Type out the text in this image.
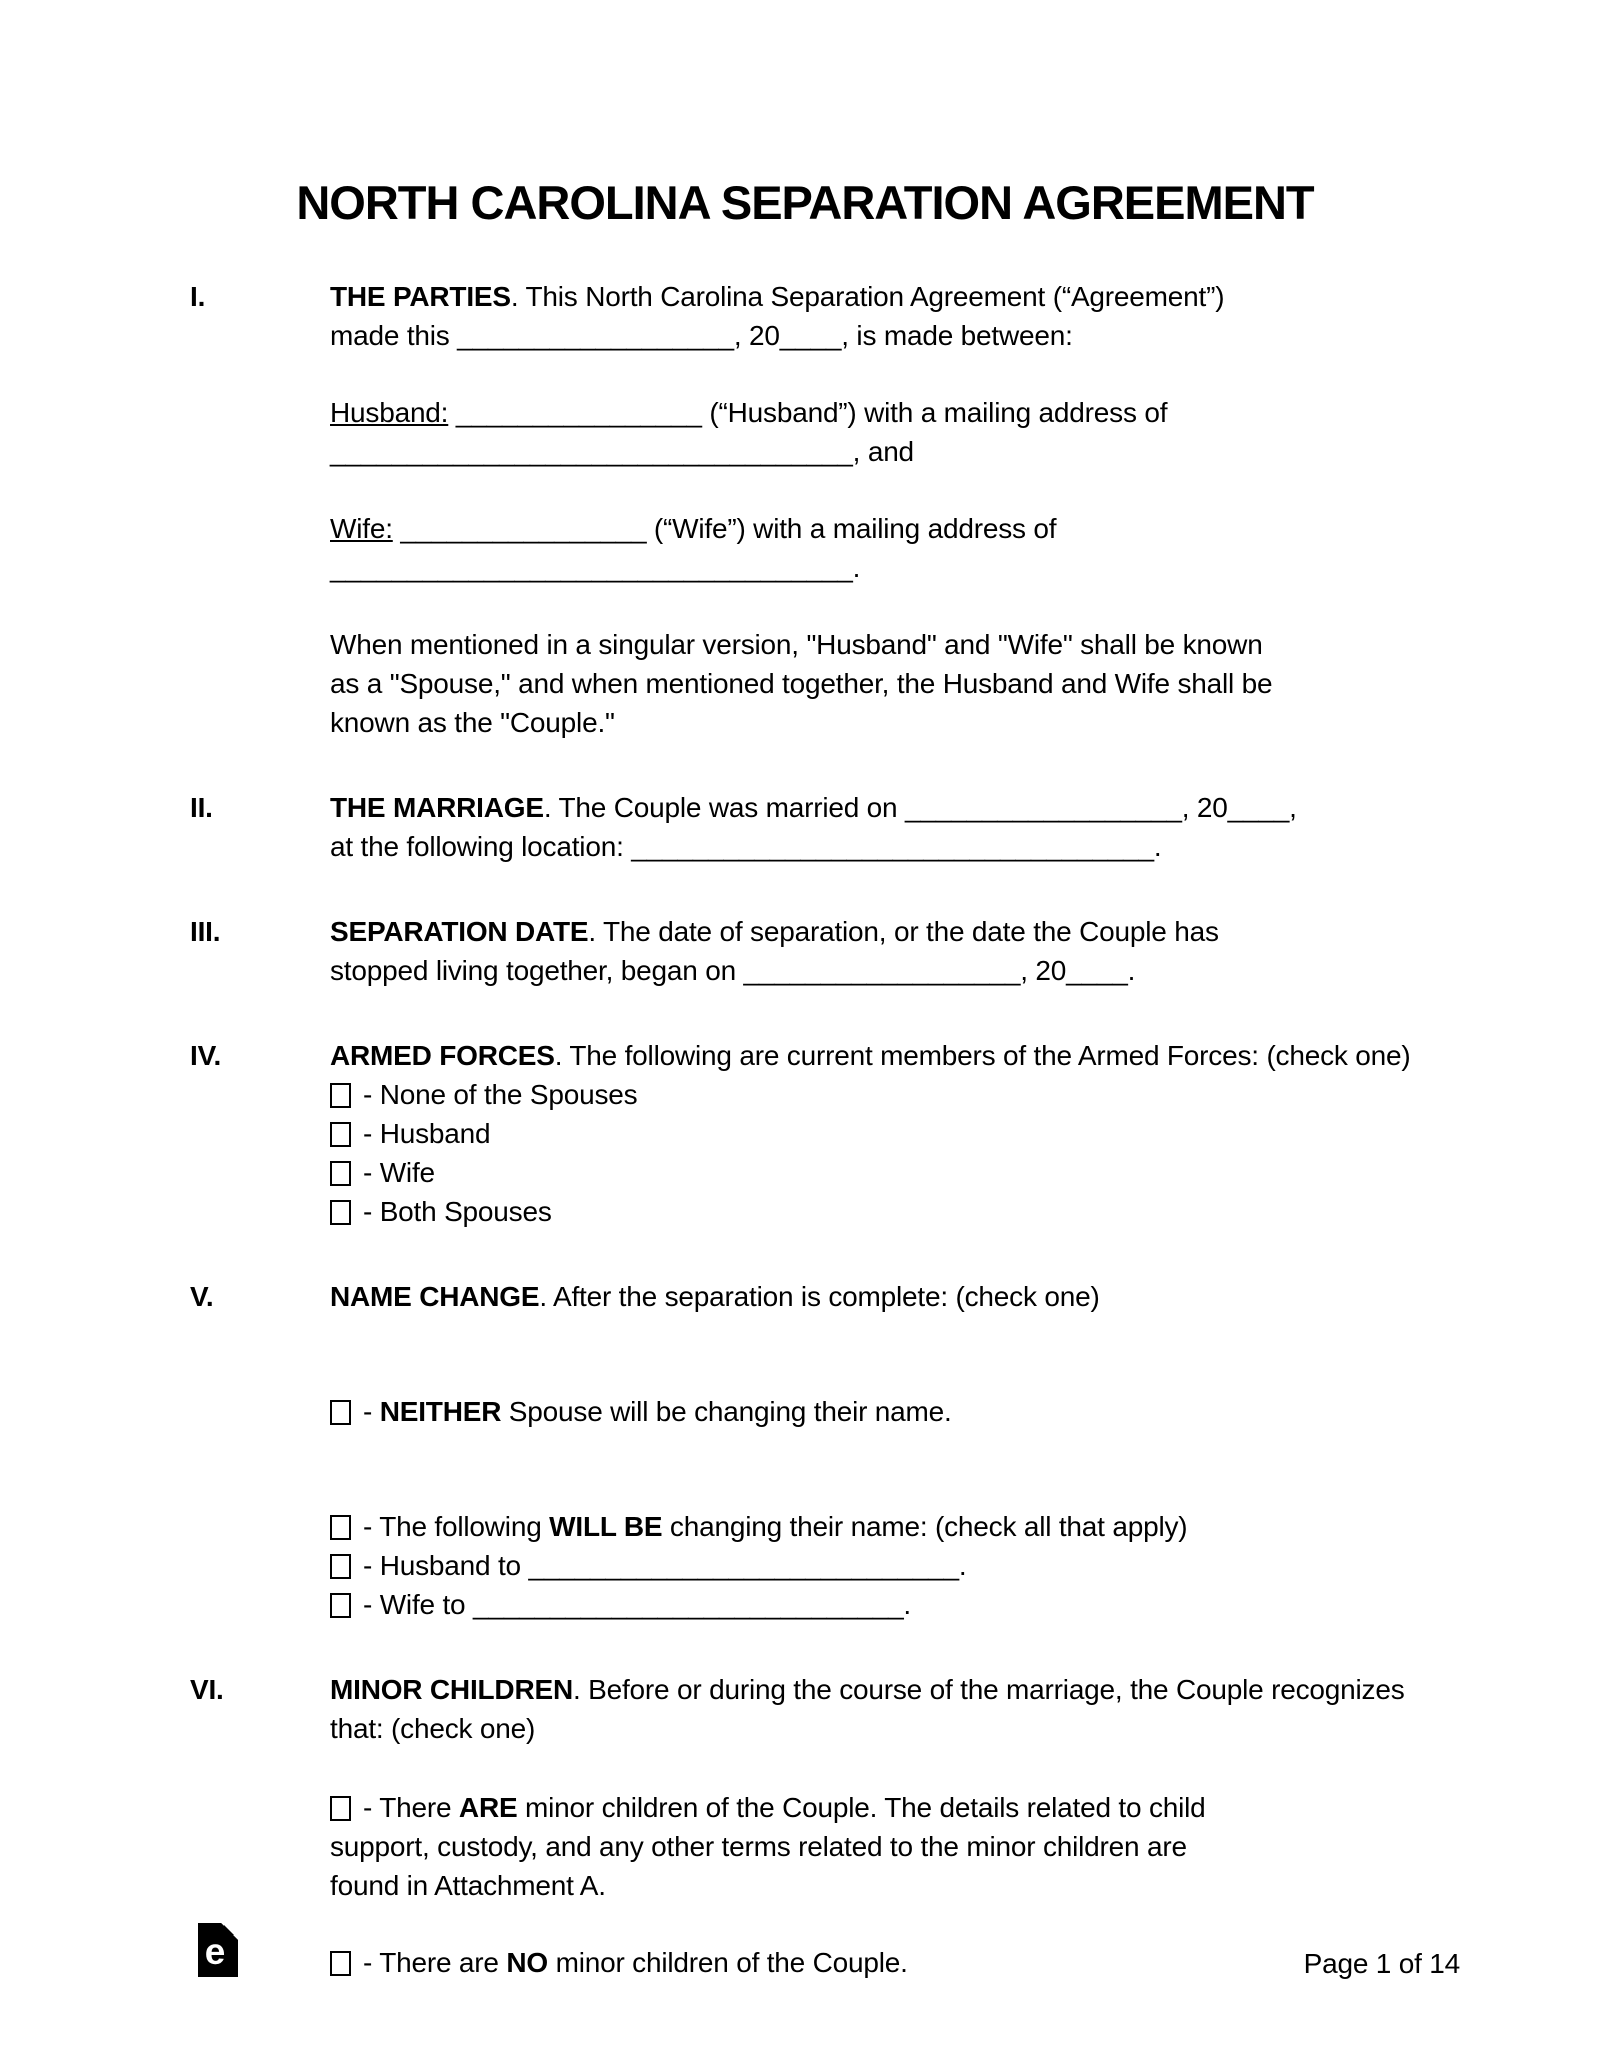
NORTH CAROLINA SEPARATION AGREEMENT
I.	THE PARTIES. This North Carolina Separation Agreement (“Agreement”)
made this __________________, 20____, is made between:

Husband: ________________ (“Husband”) with a mailing address of __________________________________, and

Wife: ________________ (“Wife”) with a mailing address of __________________________________.

When mentioned in a singular version, "Husband" and "Wife" shall be known
as a "Spouse," and when mentioned together, the Husband and Wife shall be
known as the "Couple."

II.	THE MARRIAGE. The Couple was married on __________________, 20____,
at the following location: __________________________________.

III.	SEPARATION DATE. The date of separation, or the date the Couple has
stopped living together, began on __________________, 20____.

IV.	ARMED FORCES. The following are current members of the Armed Forces: (check one)

- None of the Spouses

- Husband

- Wife

- Both Spouses

V.	NAME CHANGE. After the separation is complete: (check one)

- NEITHER Spouse will be changing their name.

- The following WILL BE changing their name: (check all that apply)

- Husband to ____________________________.

- Wife to ____________________________.

VI.	MINOR CHILDREN. Before or during the course of the marriage, the Couple recognizes that: (check one)

- There ARE minor children of the Couple. The details related to child
support, custody, and any other terms related to the minor children are
found in Attachment A.

- There are NO minor children of the Couple.

e	Page 1 of 14
